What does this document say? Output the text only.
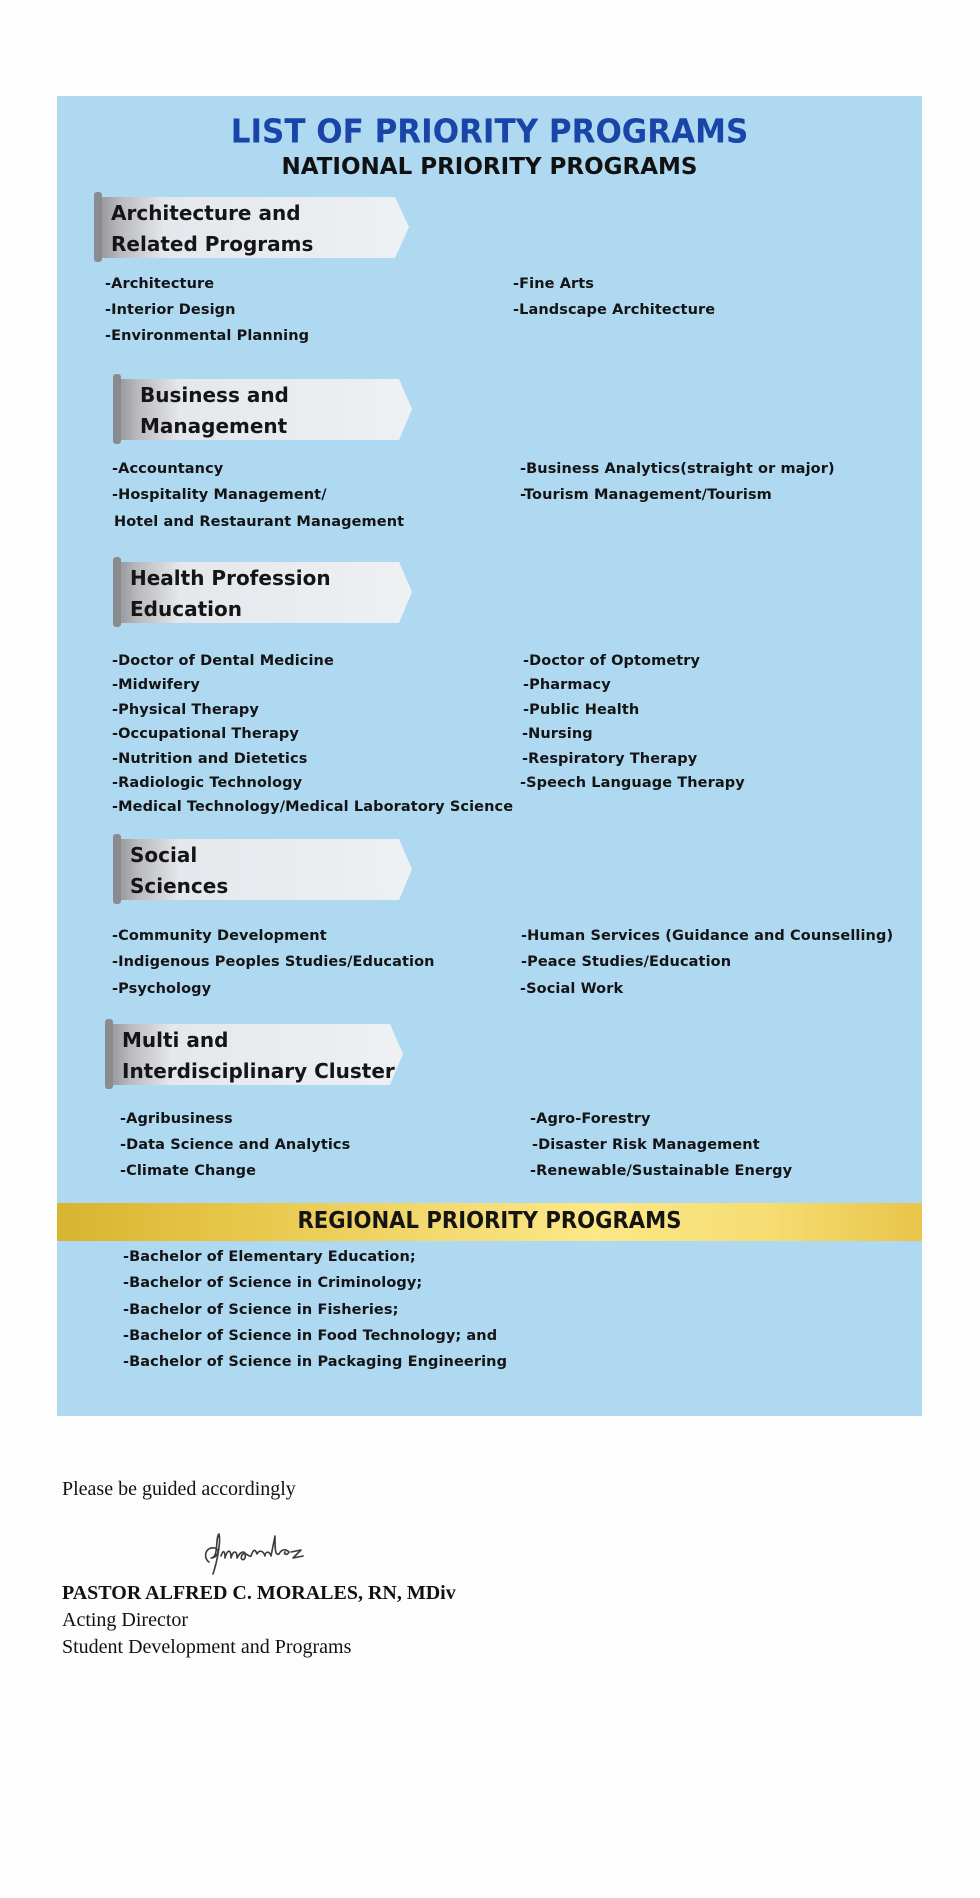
LIST OF PRIORITY PROGRAMS
NATIONAL PRIORITY PROGRAMS
Architecture and
Related Programs
-Architecture
-Interior Design
-Environmental Planning
-Fine Arts
-Landscape Architecture
Business and
Management
-Accountancy
-Hospitality Management/
Hotel and Restaurant Management
-Business Analytics(straight or major)
-Tourism Management/Tourism
Health Profession
Education
-Doctor of Dental Medicine
-Midwifery
-Physical Therapy
-Occupational Therapy
-Nutrition and Dietetics
-Radiologic Technology
-Medical Technology/Medical Laboratory Science
-Doctor of Optometry
-Pharmacy
-Public Health
-Nursing
-Respiratory Therapy
-Speech Language Therapy
Social
Sciences
-Community Development
-Indigenous Peoples Studies/Education
-Psychology
-Human Services (Guidance and Counselling)
-Peace Studies/Education
-Social Work
Multi and
Interdisciplinary Cluster
-Agribusiness
-Data Science and Analytics
-Climate Change
-Agro-Forestry
-Disaster Risk Management
-Renewable/Sustainable Energy
REGIONAL PRIORITY PROGRAMS
-Bachelor of Elementary Education;
-Bachelor of Science in Criminology;
-Bachelor of Science in Fisheries;
-Bachelor of Science in Food Technology; and
-Bachelor of Science in Packaging Engineering
Please be guided accordingly
PASTOR ALFRED C. MORALES, RN, MDiv
Acting Director
Student Development and Programs
